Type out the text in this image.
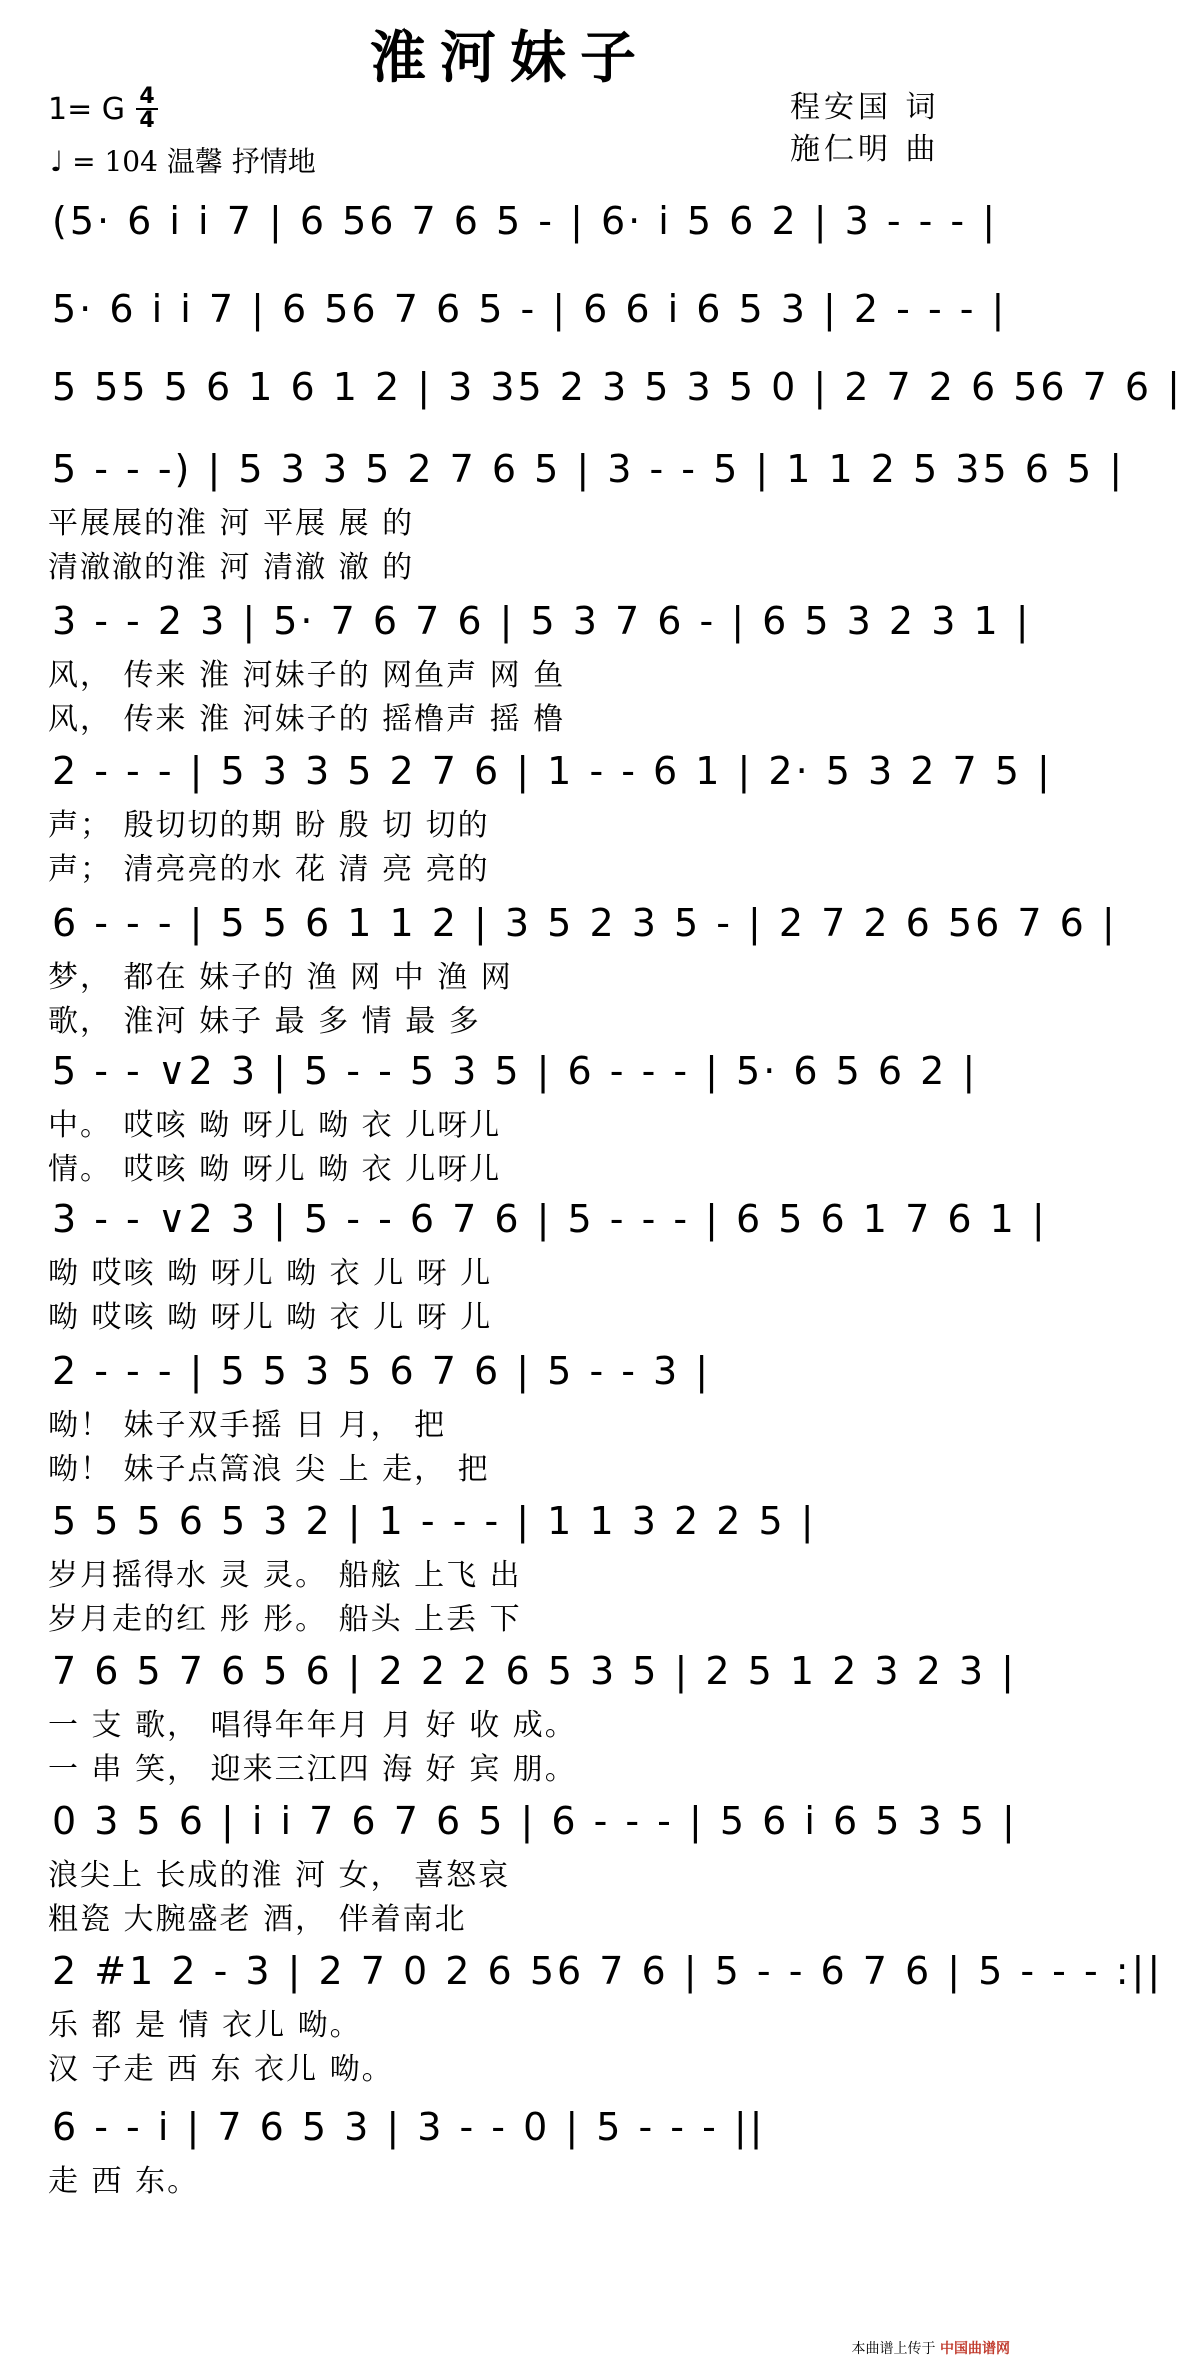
淮河妹子
1= G $\frac{4}{4}$
♩ = 104 温馨 抒情地
程安国 词
施仁明 曲
(5· 6 i i 7 | 6 56 7 6 5 - | 6· i 5 6 2 | 3 - - - |
5· 6 i i 7 | 6 56 7 6 5 - | 6 6 i 6 5 3 | 2 - - - |
5 55 5 6 1 6 1 2 | 3 35 2 3 5 3 5 0 | 2 7 2 6 56 7 6 |
5 - - -) | 5 3 3 5 2 7 6 5 | 3 - - 5 | 1 1 2 5 35 6 5 |
平展展的淮 河 平展 展 的
清澈澈的淮 河 清澈 澈 的
3 - - 2 3 | 5· 7 6 7 6 | 5 3 7 6 - | 6 5 3 2 3 1 |
风， 传来 淮 河妹子的 网鱼声 网 鱼
风， 传来 淮 河妹子的 摇橹声 摇 橹
2 - - - | 5 3 3 5 2 7 6 | 1 - - 6 1 | 2· 5 3 2 7 5 |
声； 殷切切的期 盼 殷 切 切的
声； 清亮亮的水 花 清 亮 亮的
6 - - - | 5 5 6 1 1 2 | 3 5 2 3 5 - | 2 7 2 6 56 7 6 |
梦， 都在 妹子的 渔 网 中 渔 网
歌， 淮河 妹子 最 多 情 最 多
5 - - ∨2 3 | 5 - - 5 3 5 | 6 - - - | 5· 6 5 6 2 |
中。 哎咳 呦 呀儿 呦 衣 儿呀儿
情。 哎咳 呦 呀儿 呦 衣 儿呀儿
3 - - ∨2 3 | 5 - - 6 7 6 | 5 - - - | 6 5 6 1 7 6 1 |
呦 哎咳 呦 呀儿 呦 衣 儿 呀 儿
呦 哎咳 呦 呀儿 呦 衣 儿 呀 儿
2 - - - | 5 5 3 5 6 7 6 | 5 - - 3 |
呦！ 妹子双手摇 日 月， 把
呦！ 妹子点篙浪 尖 上 走， 把
5 5 5 6 5 3 2 | 1 - - - | 1 1 3 2 2 5 |
岁月摇得水 灵 灵。 船舷 上飞 出
岁月走的红 彤 彤。 船头 上丢 下
7 6 5 7 6 5 6 | 2 2 2 6 5 3 5 | 2 5 1 2 3 2 3 |
一 支 歌， 唱得年年月 月 好 收 成。
一 串 笑， 迎来三江四 海 好 宾 朋。
0 3 5 6 | i i 7 6 7 6 5 | 6 - - - | 5 6 i 6 5 3 5 |
浪尖上 长成的淮 河 女， 喜怒哀
粗瓷 大腕盛老 酒， 伴着南北
2 #1 2 - 3 | 2 7 0 2 6 56 7 6 | 5 - - 6 7 6 | 5 - - - :||
乐 都 是 情 衣儿 呦。
汉 子走 西 东 衣儿 呦。
6 - - i | 7 6 5 3 | 3 - - 0 | 5 - - - ||
走 西 东。
本曲谱上传于 中国曲谱网
